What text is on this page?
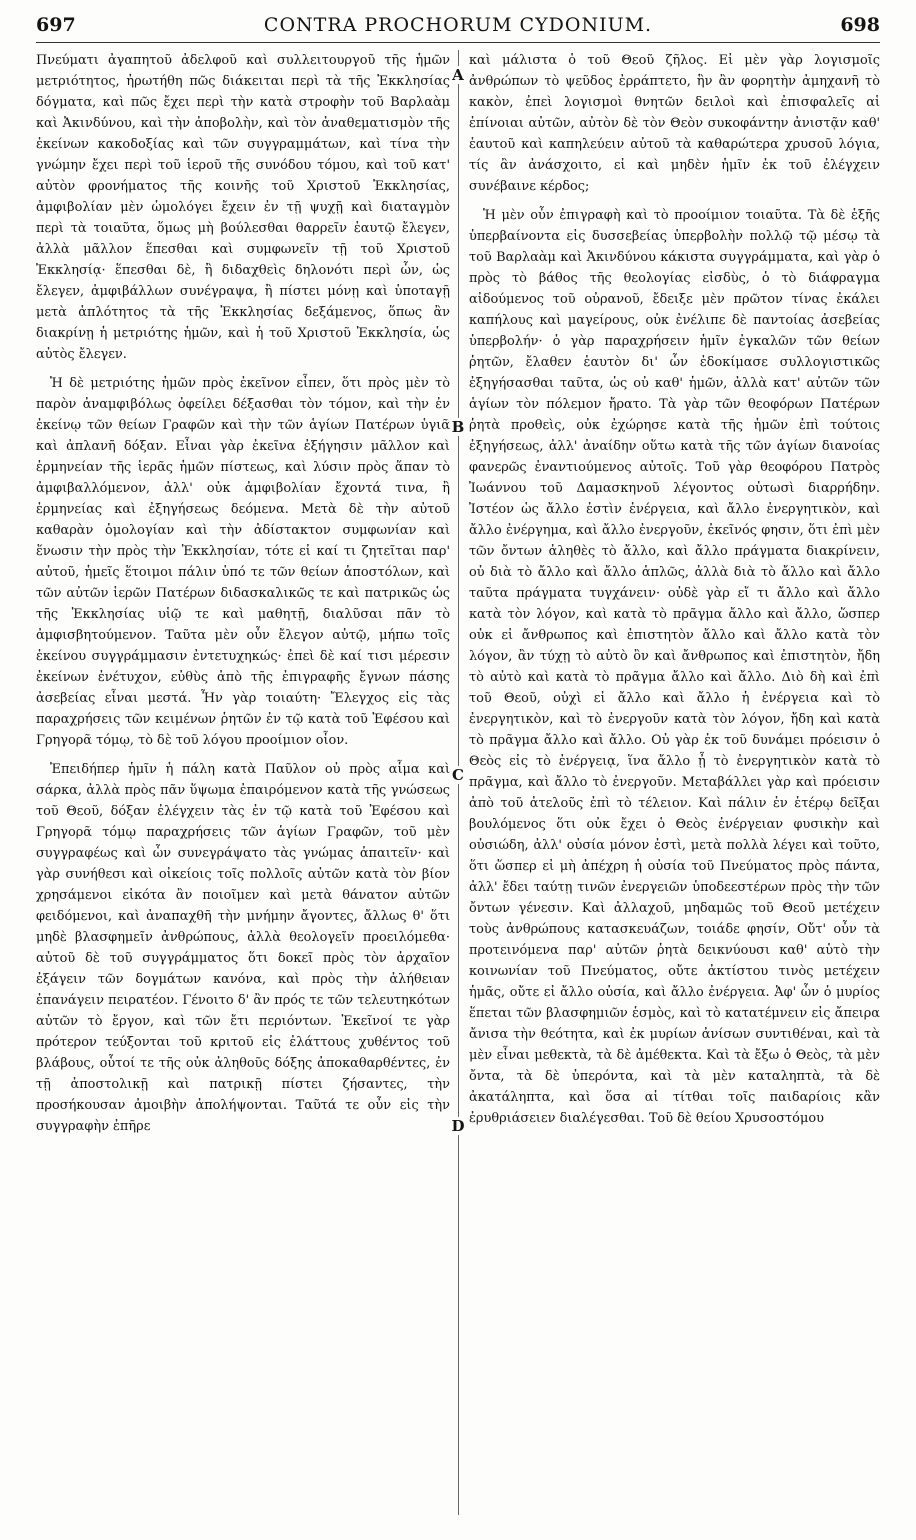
697	CONTRA PROCHORUM CYDONIUM.	698

Πνεύματι ἀγαπητοῦ ἀδελφοῦ καὶ συλλειτουργοῦ τῆς ἡμῶν μετριότητος, ἠρωτήθη πῶς διάκειται περὶ τὰ τῆς Ἐκκλησίας δόγματα, καὶ πῶς ἔχει περὶ τὴν κατὰ στροφὴν τοῦ Βαρλαὰμ καὶ Ἀκινδύνου, καὶ τὴν ἀποβολὴν, καὶ τὸν ἀναθεματισμὸν τῆς ἐκείνων κακοδοξίας καὶ τῶν συγγραμμάτων, καὶ τίνα τὴν γνώμην ἔχει περὶ τοῦ ἱεροῦ τῆς συνόδου τόμου, καὶ τοῦ κατ' αὐτὸν φρονήματος τῆς κοινῆς τοῦ Χριστοῦ Ἐκκλησίας, ἀμφιβολίαν μὲν ὡμολόγει ἔχειν ἐν τῇ ψυχῇ καὶ διαταγμὸν περὶ τὰ τοιαῦτα, ὅμως μὴ βούλεσθαι θαρρεῖν ἑαυτῷ ἔλεγεν, ἀλλὰ μᾶλλον ἕπεσθαι καὶ συμφωνεῖν τῇ τοῦ Χριστοῦ Ἐκκλησίᾳ· ἕπεσθαι δὲ, ἢ διδαχθεὶς δηλονότι περὶ ὧν, ὡς ἔλεγεν, ἀμφιβάλλων συνέγραψα, ἢ πίστει μόνῃ καὶ ὑποταγῇ μετὰ ἁπλότητος τὰ τῆς Ἐκκλησίας δεξάμενος, ὅπως ἂν διακρίνῃ ἡ μετριότης ἡμῶν, καὶ ἡ τοῦ Χριστοῦ Ἐκκλησία, ὡς αὐτὸς ἔλεγεν.

Ἡ δὲ μετριότης ἡμῶν πρὸς ἐκεῖνον εἶπεν, ὅτι πρὸς μὲν τὸ παρὸν ἀναμφιβόλως ὀφείλει δέξασθαι τὸν τόμον, καὶ τὴν ἐν ἐκείνῳ τῶν θείων Γραφῶν καὶ τὴν τῶν ἁγίων Πατέρων ὑγιᾶ καὶ ἀπλανῆ δόξαν. Εἶναι γὰρ ἐκεῖνα ἐξήγησιν μᾶλλον καὶ ἑρμηνείαν τῆς ἱερᾶς ἡμῶν πίστεως, καὶ λύσιν πρὸς ἅπαν τὸ ἀμφιβαλλόμενον, ἀλλ' οὐκ ἀμφιβολίαν ἔχοντά τινα, ἢ ἑρμηνείας καὶ ἐξηγήσεως δεόμενα. Μετὰ δὲ τὴν αὐτοῦ καθαρὰν ὁμολογίαν καὶ τὴν ἀδίστακτον συμφωνίαν καὶ ἕνωσιν τὴν πρὸς τὴν Ἐκκλησίαν, τότε εἰ καί τι ζητεῖται παρ' αὐτοῦ, ἡμεῖς ἕτοιμοι πάλιν ὑπό τε τῶν θείων ἀποστόλων, καὶ τῶν αὐτῶν ἱερῶν Πατέρων διδασκαλικῶς τε καὶ πατρικῶς ὡς τῆς Ἐκκλησίας υἱῷ τε καὶ μαθητῇ, διαλῦσαι πᾶν τὸ ἀμφισβητούμενον. Ταῦτα μὲν οὖν ἔλεγον αὐτῷ, μήπω τοῖς ἐκείνου συγγράμμασιν ἐντετυχηκώς· ἐπεὶ δὲ καί τισι μέρεσιν ἐκείνων ἐνέτυχον, εὐθὺς ἀπὸ τῆς ἐπιγραφῆς ἔγνων πάσης ἀσεβείας εἶναι μεστά. Ἦν γὰρ τοιαύτη· Ἔλεγχος εἰς τὰς παραχρήσεις τῶν κειμένων ῥητῶν ἐν τῷ κατὰ τοῦ Ἐφέσου καὶ Γρηγορᾶ τόμῳ, τὸ δὲ τοῦ λόγου προοίμιον οἷον.

Ἐπειδήπερ ἡμῖν ἡ πάλη κατὰ Παῦλον οὐ πρὸς αἷμα καὶ σάρκα, ἀλλὰ πρὸς πᾶν ὕψωμα ἐπαιρόμενον κατὰ τῆς γνώσεως τοῦ Θεοῦ, δόξαν ἐλέγχειν τὰς ἐν τῷ κατὰ τοῦ Ἐφέσου καὶ Γρηγορᾶ τόμῳ παραχρήσεις τῶν ἁγίων Γραφῶν, τοῦ μὲν συγγραφέως καὶ ὧν συνεγράψατο τὰς γνώμας ἀπαιτεῖν· καὶ γὰρ συνήθεσι καὶ οἰκείοις τοῖς πολλοῖς αὐτῶν κατὰ τὸν βίον χρησάμενοι εἰκότα ἂν ποιοῖμεν καὶ μετὰ θάνατον αὐτῶν φειδόμενοι, καὶ ἀναπαχθῆ τὴν μνήμην ἄγοντες, ἄλλως θ' ὅτι μηδὲ βλασφημεῖν ἀνθρώπους, ἀλλὰ θεολογεῖν προειλόμεθα· αὐτοῦ δὲ τοῦ συγγράμματος ὅτι δοκεῖ πρὸς τὸν ἀρχαῖον ἐξάγειν τῶν δογμάτων κανόνα, καὶ πρὸς τὴν ἀλήθειαν ἐπανάγειν πειρατέον. Γένοιτο δ' ἂν πρός τε τῶν τελευτηκότων αὐτῶν τὸ ἔργον, καὶ τῶν ἔτι περιόντων. Ἐκεῖνοί τε γὰρ πρότερον τεύξονται τοῦ κριτοῦ εἰς ἐλάττους χυθέντος τοῦ βλάβους, οὗτοί τε τῆς οὐκ ἀληθοῦς δόξης ἀποκαθαρθέντες, ἐν τῇ ἀποστολικῇ καὶ πατρικῇ πίστει ζήσαντες, τὴν προσήκουσαν ἀμοιβὴν ἀπολήψονται. Ταῦτά τε οὖν εἰς τὴν συγγραφὴν ἐπῆρε

A
B
C
D

καὶ μάλιστα ὁ τοῦ Θεοῦ ζῆλος. Εἰ μὲν γὰρ λογισμοῖς ἀνθρώπων τὸ ψεῦδος ἐρράπτετο, ἣν ἂν φορητὴν ἀμηχανῆ τὸ κακὸν, ἐπεὶ λογισμοὶ θνητῶν δειλοὶ καὶ ἐπισφαλεῖς αἱ ἐπίνοιαι αὐτῶν, αὐτὸν δὲ τὸν Θεὸν συκοφάντην ἀνιστᾷν καθ' ἑαυτοῦ καὶ καπηλεύειν αὐτοῦ τὰ καθαρώτερα χρυσοῦ λόγια, τίς ἂν ἀνάσχοιτο, εἰ καὶ μηδὲν ἡμῖν ἐκ τοῦ ἐλέγχειν συνέβαινε κέρδος;

Ἡ μὲν οὖν ἐπιγραφὴ καὶ τὸ προοίμιον τοιαῦτα. Τὰ δὲ ἑξῆς ὑπερβαίνοντα εἰς δυσσεβείας ὑπερβολὴν πολλῷ τῷ μέσῳ τὰ τοῦ Βαρλαὰμ καὶ Ἀκινδύνου κάκιστα συγγράμματα, καὶ γὰρ ὁ πρὸς τὸ βάθος τῆς θεολογίας εἰσδὺς, ὁ τὸ διάφραγμα αἰδούμενος τοῦ οὐρανοῦ, ἔδειξε μὲν πρῶτον τίνας ἐκάλει καπήλους καὶ μαγείρους, οὐκ ἐνέλιπε δὲ παντοίας ἀσεβείας ὑπερβολήν· ὁ γὰρ παραχρήσειν ἡμῖν ἐγκαλῶν τῶν θείων ῥητῶν, ἔλαθεν ἑαυτὸν δι' ὧν ἐδοκίμασε συλλογιστικῶς ἐξηγήσασθαι ταῦτα, ὡς οὐ καθ' ἡμῶν, ἀλλὰ κατ' αὐτῶν τῶν ἁγίων τὸν πόλεμον ἤρατο. Τὰ γὰρ τῶν θεοφόρων Πατέρων ῥητὰ προθεὶς, οὐκ ἐχώρησε κατὰ τῆς ἡμῶν ἐπὶ τούτοις ἐξηγήσεως, ἀλλ' ἀναίδην οὕτω κατὰ τῆς τῶν ἁγίων διανοίας φανερῶς ἐναντιούμενος αὐτοῖς. Τοῦ γὰρ θεοφόρου Πατρὸς Ἰωάννου τοῦ Δαμασκηνοῦ λέγοντος οὑτωσὶ διαρρήδην. Ἰστέον ὡς ἄλλο ἐστὶν ἐνέργεια, καὶ ἄλλο ἐνεργητικὸν, καὶ ἄλλο ἐνέργημα, καὶ ἄλλο ἐνεργοῦν, ἐκεῖνός φησιν, ὅτι ἐπὶ μὲν τῶν ὄντων ἀληθὲς τὸ ἄλλο, καὶ ἄλλο πράγματα διακρίνειν, οὐ διὰ τὸ ἄλλο καὶ ἄλλο ἁπλῶς, ἀλλὰ διὰ τὸ ἄλλο καὶ ἄλλο ταῦτα πράγματα τυγχάνειν· οὐδὲ γὰρ εἴ τι ἄλλο καὶ ἄλλο κατὰ τὸν λόγον, καὶ κατὰ τὸ πρᾶγμα ἄλλο καὶ ἄλλο, ὥσπερ οὐκ εἰ ἄνθρωπος καὶ ἐπιστητὸν ἄλλο καὶ ἄλλο κατὰ τὸν λόγον, ἂν τύχῃ τὸ αὐτὸ ὂν καὶ ἄνθρωπος καὶ ἐπιστητὸν, ἤδη τὸ αὐτὸ καὶ κατὰ τὸ πρᾶγμα ἄλλο καὶ ἄλλο. Διὸ δὴ καὶ ἐπὶ τοῦ Θεοῦ, οὐχὶ εἰ ἄλλο καὶ ἄλλο ἡ ἐνέργεια καὶ τὸ ἐνεργητικὸν, καὶ τὸ ἐνεργοῦν κατὰ τὸν λόγον, ἤδη καὶ κατὰ τὸ πρᾶγμα ἄλλο καὶ ἄλλο. Οὐ γὰρ ἐκ τοῦ δυνάμει πρόεισιν ὁ Θεὸς εἰς τὸ ἐνέργειᾳ, ἵνα ἄλλο ᾖ τὸ ἐνεργητικὸν κατὰ τὸ πρᾶγμα, καὶ ἄλλο τὸ ἐνεργοῦν. Μεταβάλλει γὰρ καὶ πρόεισιν ἀπὸ τοῦ ἀτελοῦς ἐπὶ τὸ τέλειον. Καὶ πάλιν ἐν ἑτέρῳ δεῖξαι βουλόμενος ὅτι οὐκ ἔχει ὁ Θεὸς ἐνέργειαν φυσικὴν καὶ οὐσιώδη, ἀλλ' οὐσία μόνον ἐστὶ, μετὰ πολλὰ λέγει καὶ τοῦτο, ὅτι ὥσπερ εἰ μὴ ἀπέχρη ἡ οὐσία τοῦ Πνεύματος πρὸς πάντα, ἀλλ' ἔδει ταύτῃ τινῶν ἐνεργειῶν ὑποδεεστέρων πρὸς τὴν τῶν ὄντων γένεσιν. Καὶ ἀλλαχοῦ, μηδαμῶς τοῦ Θεοῦ μετέχειν τοὺς ἀνθρώπους κατασκευάζων, τοιάδε φησίν, Οὔτ' οὖν τὰ προτεινόμενα παρ' αὐτῶν ῥητὰ δεικνύουσι καθ' αὑτὸ τὴν κοινωνίαν τοῦ Πνεύματος, οὔτε ἀκτίστου τινὸς μετέχειν ἡμᾶς, οὔτε εἰ ἄλλο οὐσία, καὶ ἄλλο ἐνέργεια. Ἀφ' ὧν ὁ μυρίος ἕπεται τῶν βλασφημιῶν ἑσμὸς, καὶ τὸ κατατέμνειν εἰς ἄπειρα ἄνισα τὴν θεότητα, καὶ ἐκ μυρίων ἀνίσων συντιθέναι, καὶ τὰ μὲν εἶναι μεθεκτὰ, τὰ δὲ ἀμέθεκτα. Καὶ τὰ ἔξω ὁ Θεὸς, τὰ μὲν ὄντα, τὰ δὲ ὑπερόντα, καὶ τὰ μὲν καταληπτὰ, τὰ δὲ ἀκατάληπτα, καὶ ὅσα αἱ τίτθαι τοῖς παιδαρίοις κἂν ἐρυθριάσειεν διαλέγεσθαι. Τοῦ δὲ θείου Χρυσοστόμου
